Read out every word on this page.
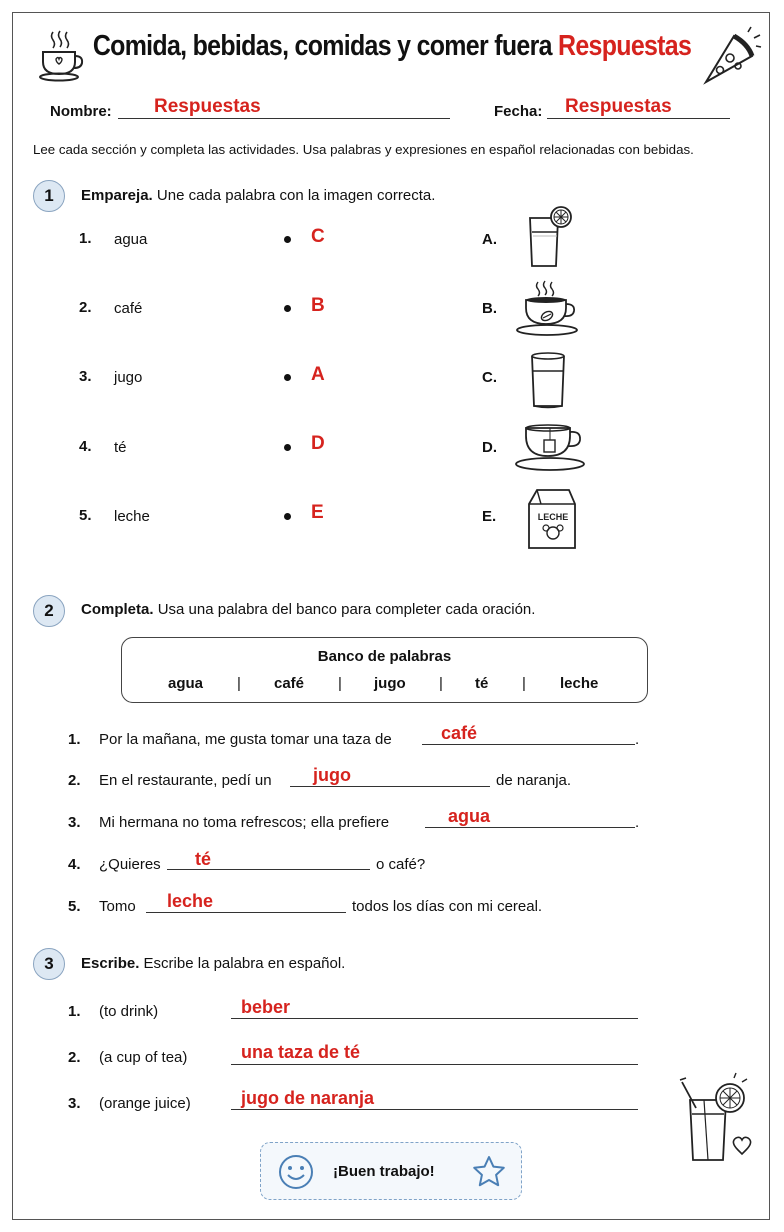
Comida, bebidas, comidas y comer fuera Respuestas
Nombre: Respuestas	Fecha: Respuestas
Lee cada sección y completa las actividades. Usa palabras y expresiones en español relacionadas con bebidas.
1	Empareja. Une cada palabra con la imagen correcta.
1. agua	C	A.
2. café	B	B.
3. jugo	A	C.
4. té	D	D.
5. leche	E	E.	LECHE
2	Completa. Usa una palabra del banco para completer cada oración.
Banco de palabras
agua | café | jugo | té | leche
1. Por la mañana, me gusta tomar una taza de	café	.
2. En el restaurante, pedí un jugo	de naranja.
3. Mi hermana no toma refrescos; ella prefiere	agua	.
4. ¿Quieres té	o café?
5. Tomo leche	todos los días con mi cereal.
3	Escribe. Escribe la palabra en español.
1. (to drink)	beber
2. (a cup of tea)	una taza de té
3. (orange juice)	jugo de naranja
¡Buen trabajo!
